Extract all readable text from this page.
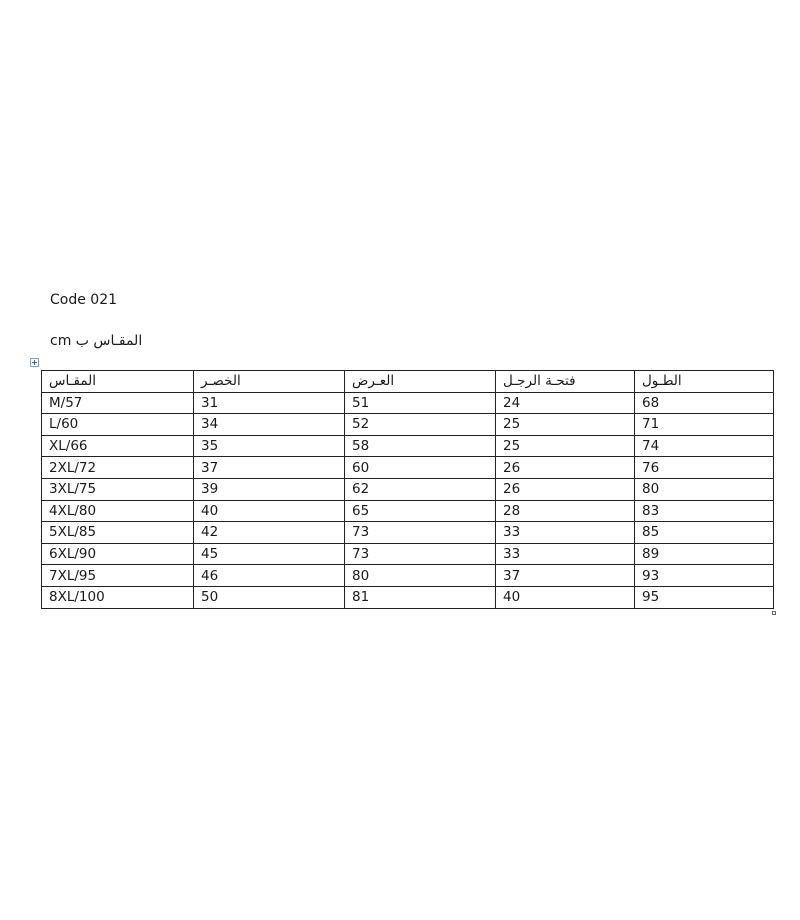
Code 021
المقـاس ب cm
المقـاس	الخصـر	العـرض	فتحـة الرجـل	الطـول
M/57	31	51	24	68
L/60	34	52	25	71
XL/66	35	58	25	74
2XL/72	37	60	26	76
3XL/75	39	62	26	80
4XL/80	40	65	28	83
5XL/85	42	73	33	85
6XL/90	45	73	33	89
7XL/95	46	80	37	93
8XL/100	50	81	40	95
